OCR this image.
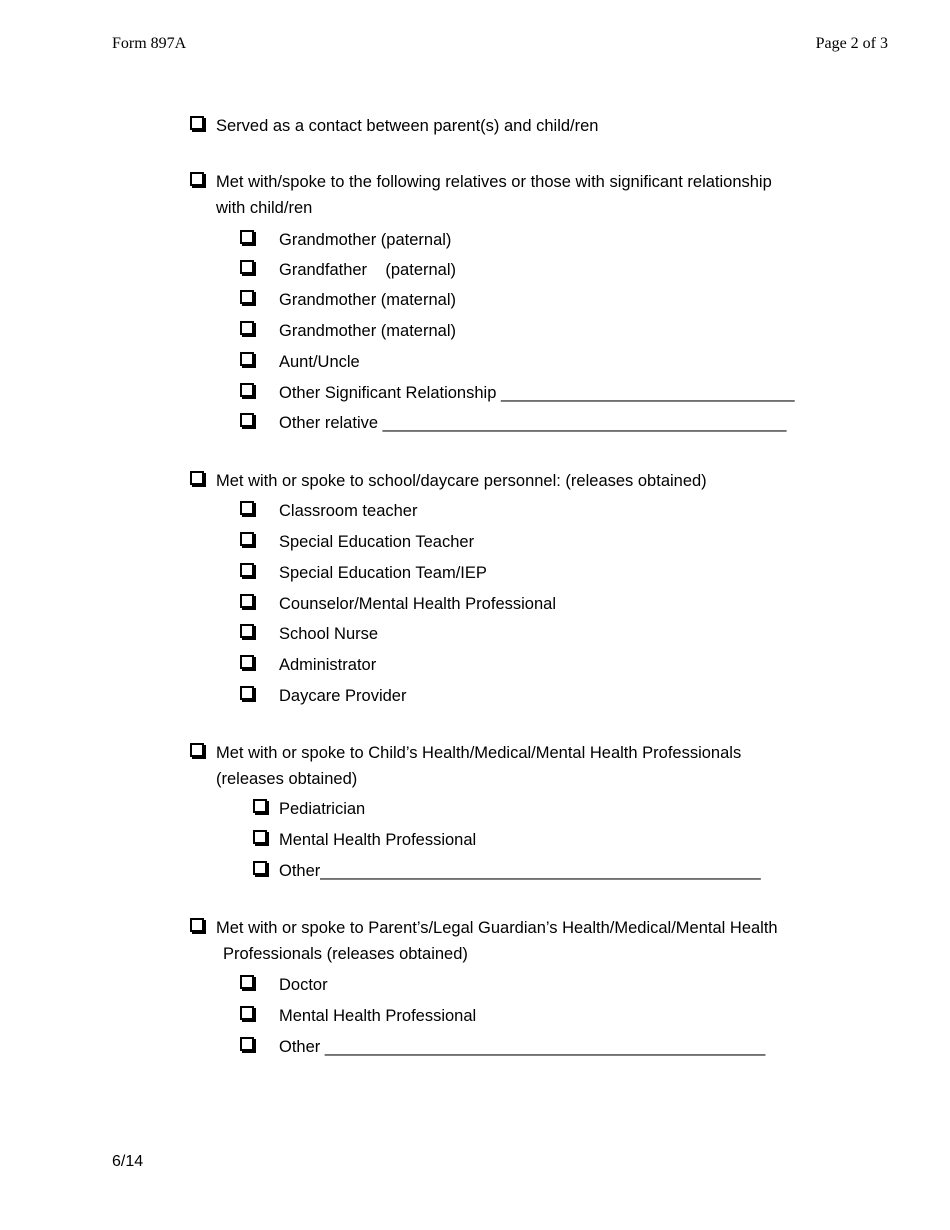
Form 897A	Page 2 of 3
Served as a contact between parent(s) and child/ren
Met with/spoke to the following relatives or those with significant relationship
with child/ren
Grandmother (paternal)
Grandfather    (paternal)
Grandmother (maternal)
Grandmother (maternal)
Aunt/Uncle
Other Significant Relationship ________________________________
Other relative ____________________________________________
Met with or spoke to school/daycare personnel: (releases obtained)
Classroom teacher
Special Education Teacher
Special Education Team/IEP
Counselor/Mental Health Professional
School Nurse
Administrator
Daycare Provider
Met with or spoke to Child’s Health/Medical/Mental Health Professionals
(releases obtained)
Pediatrician
Mental Health Professional
Other________________________________________________
Met with or spoke to Parent’s/Legal Guardian’s Health/Medical/Mental Health
Professionals (releases obtained)
Doctor
Mental Health Professional
Other ________________________________________________
6/14
